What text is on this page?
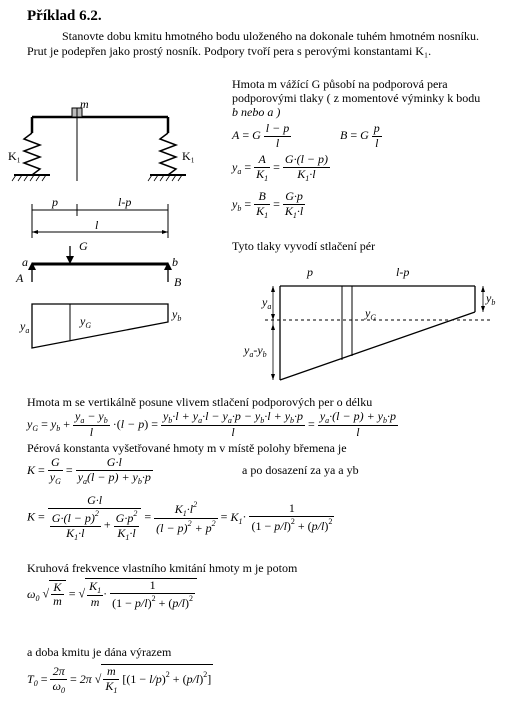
Příklad 6.2.
Stanovte dobu kmitu hmotného bodu uloženého na dokonale tuhém hmotném nosníku.
Prut je podepřen jako prostý nosník. Podpory tvoří pera s perovými konstantami K₁.
Hmota m vážící G působí na podporová pera
podporovými tlaky ( z momentové výminky k bodu
b nebo a )
A = G $\frac{l - p}{l}$	B = G $\frac{p}{l}$
$y_a = \frac{A}{K_1} = \frac{G\cdot(l - p)}{K_1\cdot l}$
$y_b = \frac{B}{K_1} = \frac{G\cdot p}{K_1\cdot l}$
Tyto tlaky vyvodí stlačení pér
m
K₁	K₁
p	l-p
l
G
a	b
A	B
$y_a$
$y_G$
$y_b$
p	l-p
$y_a$	$y_G$
$y_b$
$y_a-y_b$
Hmota m se vertikálně posune vlivem stlačení podporových per o délku
$y_G = y_b + \frac{y_a - y_b}{l} \cdot(l - p) = \frac{y_b\cdot l + y_a\cdot l - y_a\cdot p - y_b\cdot l + y_b\cdot p}{l} = \frac{y_a\cdot(l - p) + y_b\cdot p}{l}$
Pérová konstanta vyšetřované hmoty m v místě polohy břemena je
$K = \frac{G}{y_G} = \frac{G\cdot l}{y_a(l - p) + y_b\cdot p}$	a po dosazení za ya a yb
$K = \frac{G\cdot l}{\frac{G\cdot(l - p)^2}{K_1\cdot l} + \frac{G\cdot p^2}{K_1\cdot l}} = \frac{K_1\cdot l^2}{(l - p)^2 + p^2} = K_1\cdot \frac{1}{(1 - p/l)^2 + (p/l)^2}$
Kruhová frekvence vlastního kmitání hmoty m je potom
$\omega_0$ √ $\frac{K}{m}$ = √ $\frac{K_1}{m} \cdot \frac{1}{(1 - p/l)^2 + (p/l)^2}$
a doba kmitu je dána výrazem
$T_0 = \frac{2\pi}{\omega_0} = 2\pi$ √ $\frac{m}{K_1} [(1 - l/p)^2 + (p/l)^2]$
